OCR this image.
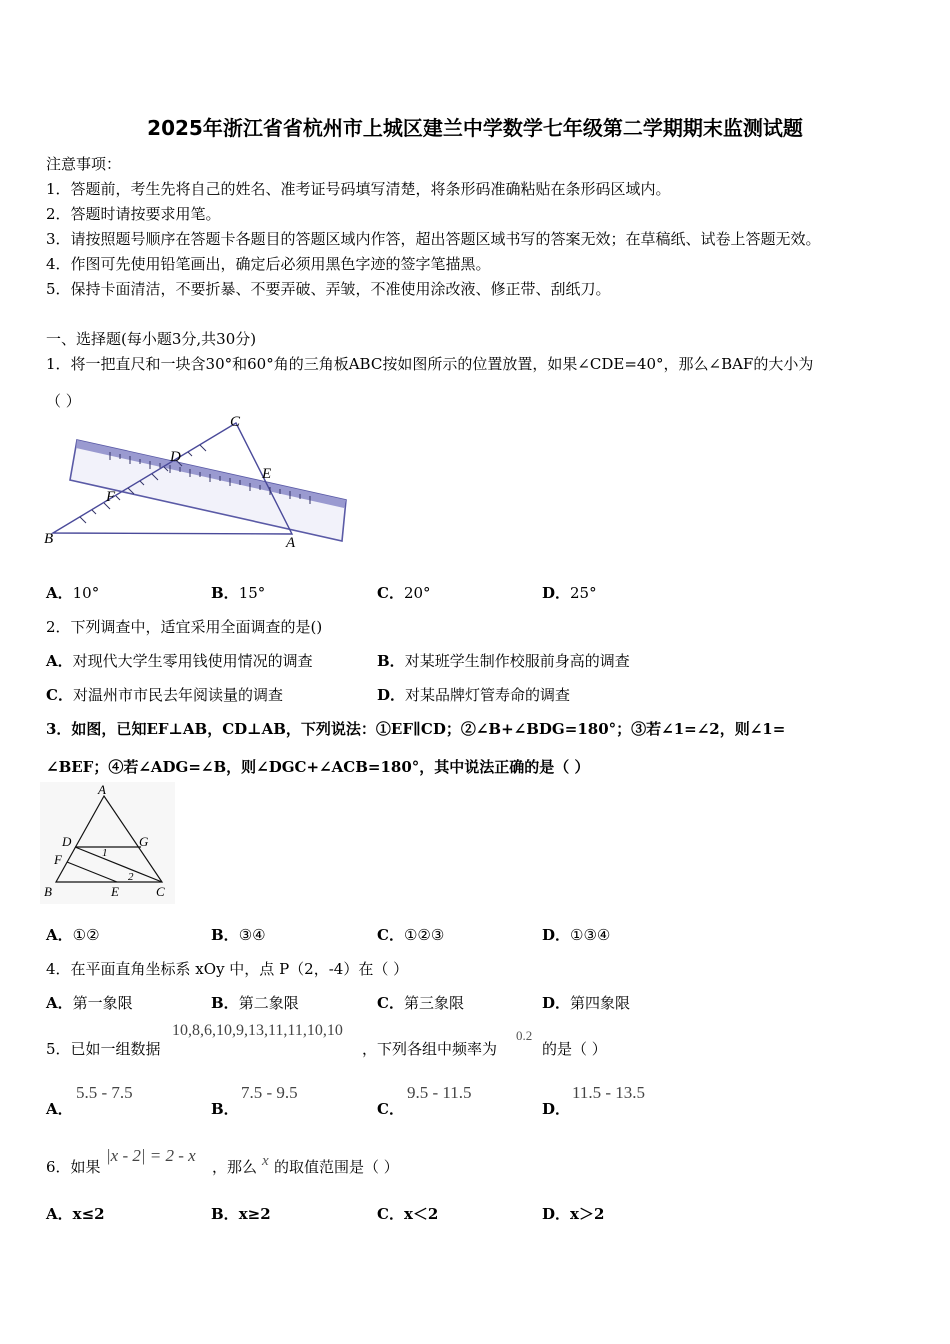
2025年浙江省省杭州市上城区建兰中学数学七年级第二学期期末监测试题
注意事项：
1．答题前，考生先将自己的姓名、准考证号码填写清楚，将条形码准确粘贴在条形码区域内。
2．答题时请按要求用笔。
3．请按照题号顺序在答题卡各题目的答题区域内作答，超出答题区域书写的答案无效；在草稿纸、试卷上答题无效。
4．作图可先使用铅笔画出，确定后必须用黑色字迹的签字笔描黑。
5．保持卡面清洁，不要折暴、不要弄破、弄皱，不准使用涂改液、修正带、刮纸刀。
一、选择题(每小题3分,共30分)
1．将一把直尺和一块含30°和60°角的三角板ABC按如图所示的位置放置，如果∠CDE=40°，那么∠BAF的大小为
（ ）
C
D
E
F
B	A
A．10°	B．15°	C．20°	D．25°
2．下列调查中，适宜采用全面调查的是()
A．对现代大学生零用钱使用情况的调查	B．对某班学生制作校服前身高的调查
C．对温州市市民去年阅读量的调查	D．对某品牌灯管寿命的调查
3．如图，已知EF⊥AB，CD⊥AB，下列说法：①EF∥CD；②∠B+∠BDG=180°；③若∠1=∠2，则∠1=
∠BEF；④若∠ADG=∠B，则∠DGC+∠ACB=180°，其中说法正确的是（ ）
A
D	G
F
B	E	C
1
2
A．①②	B．③④	C．①②③	D．①③④
4．在平面直角坐标系 xOy 中，点 P（2，-4）在（ ）
A．第一象限	B．第二象限	C．第三象限	D．第四象限
5．已如一组数据
10,8,6,10,9,13,11,11,10,10
，下列各组中频率为
0.2
的是（ ）
A．
5.5 - 7.5
B．
7.5 - 9.5
C．
9.5 - 11.5
D．
11.5 - 13.5
6．如果
|x - 2| = 2 - x
，那么 x 的取值范围是（ ）
A．x≤2	B．x≥2	C．x＜2	D．x＞2
